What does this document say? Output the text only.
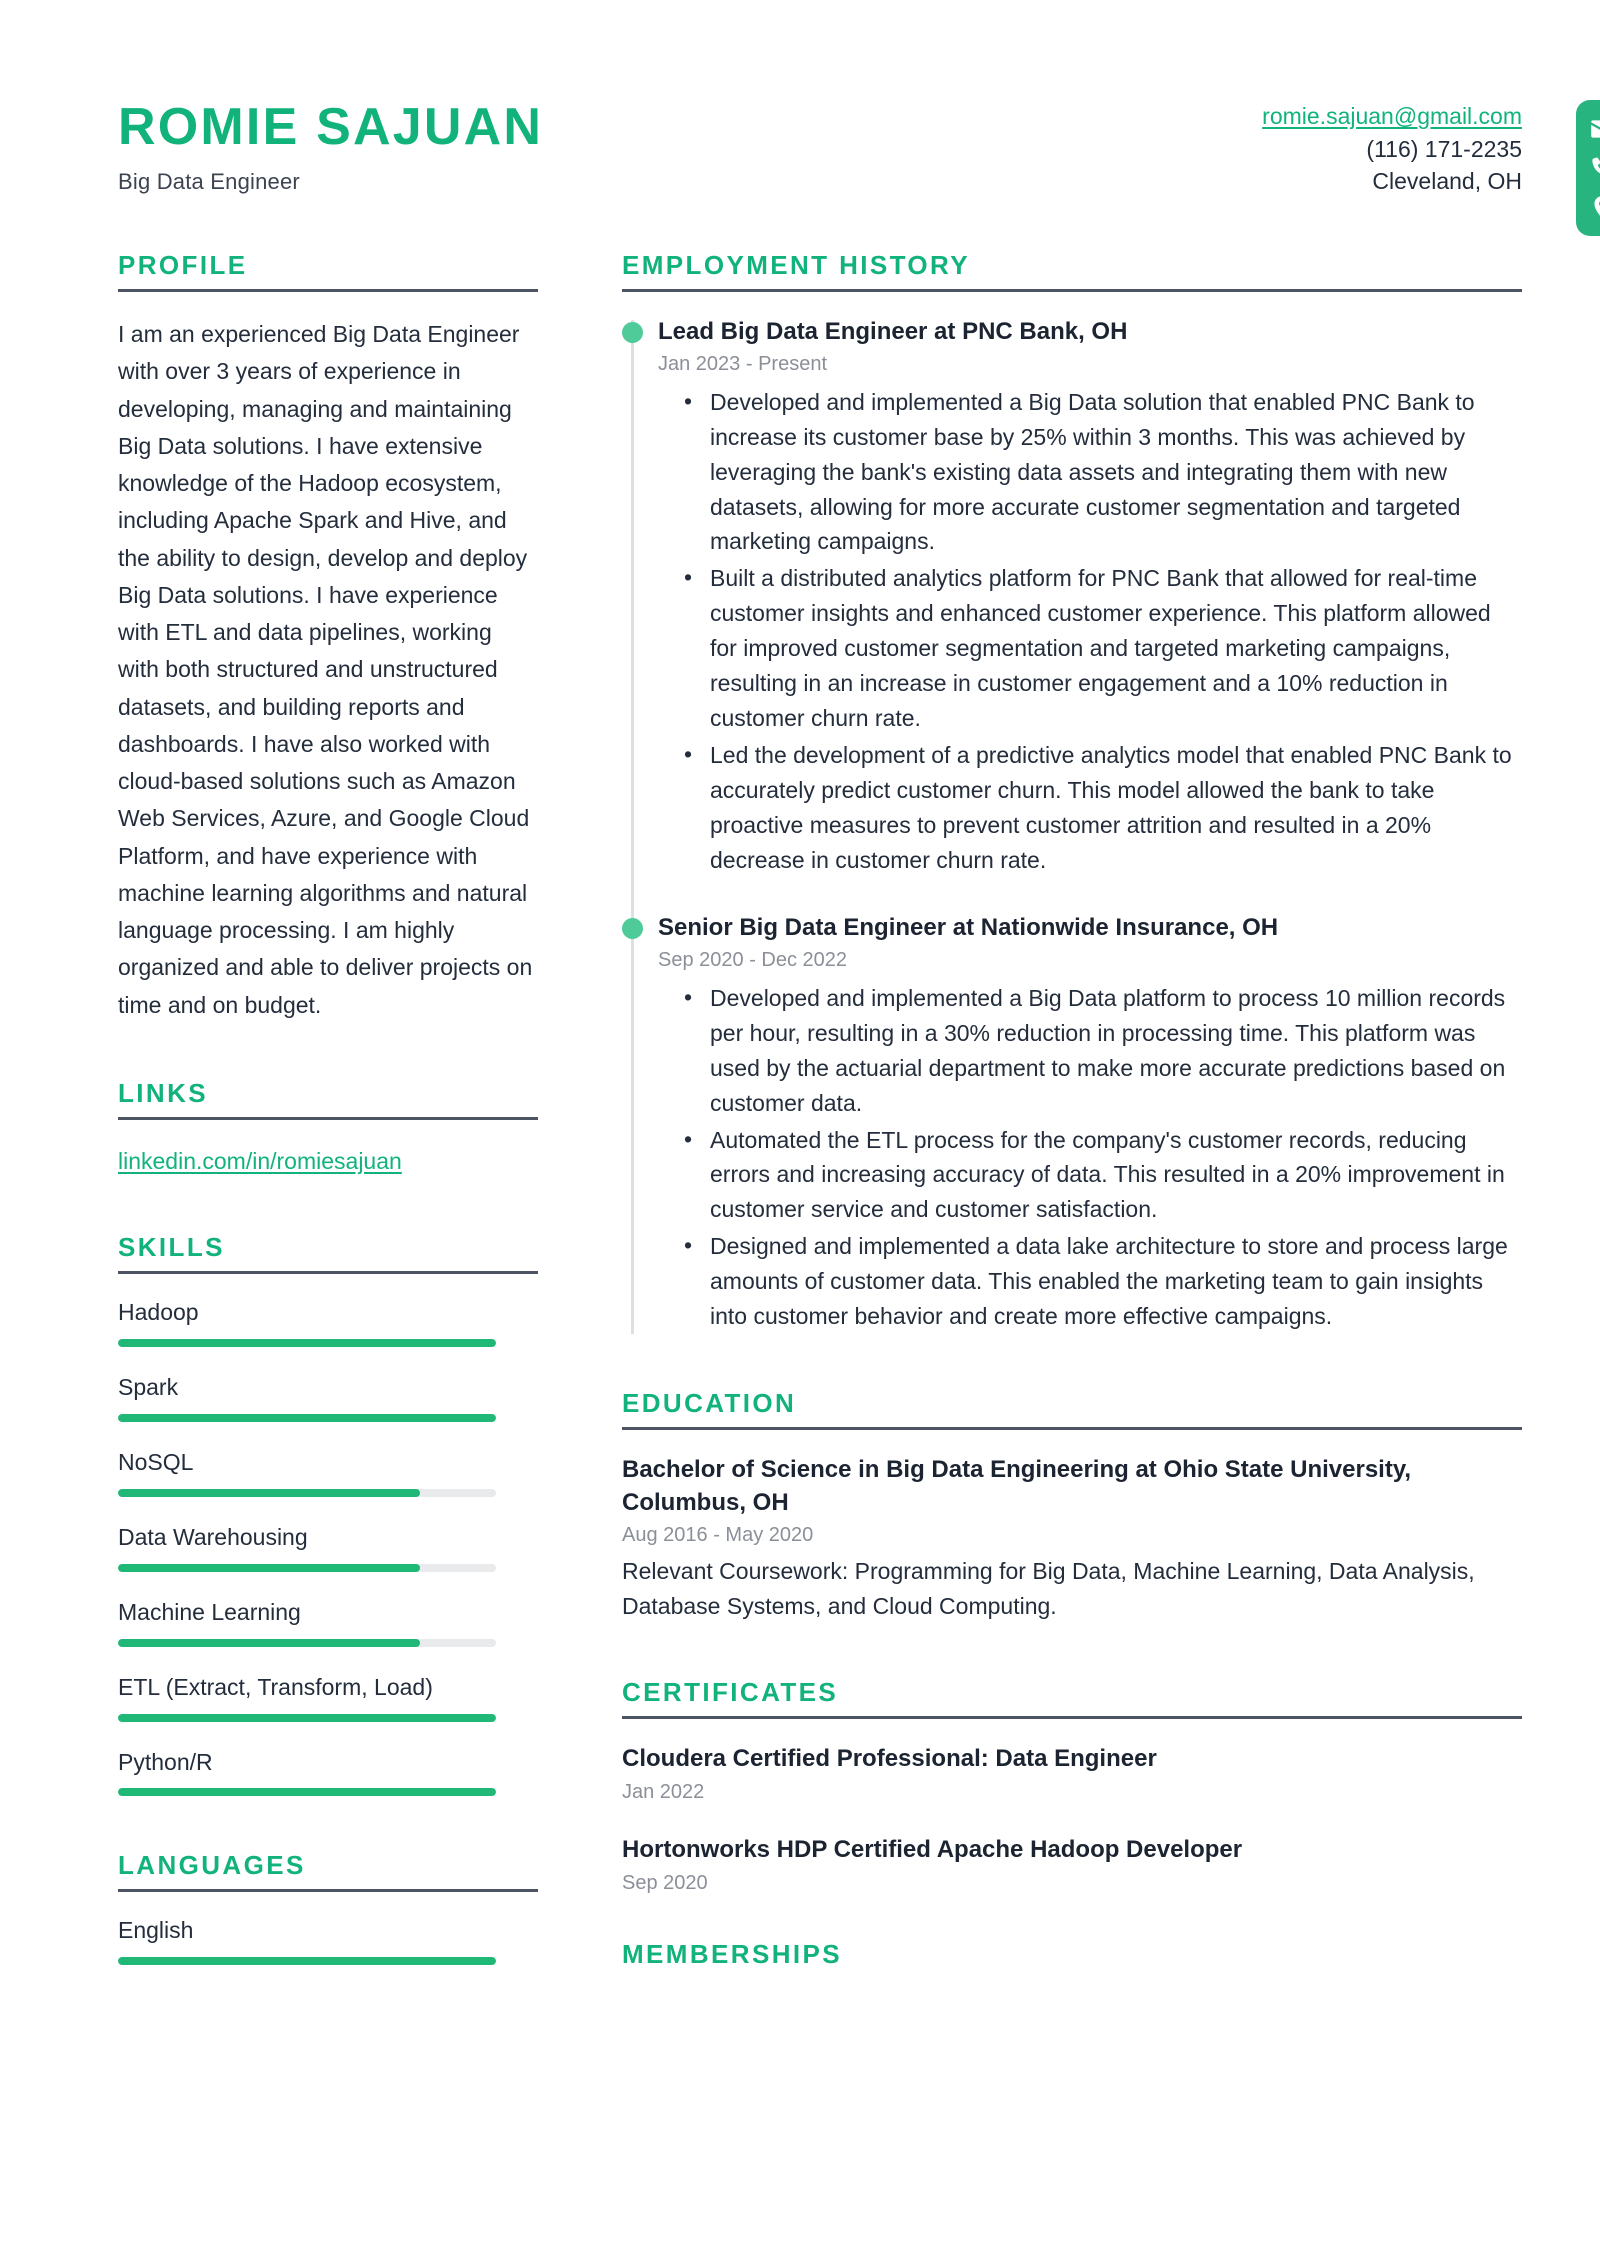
ROMIE SAJUAN
Big Data Engineer
romie.sajuan@gmail.com
(116) 171-2235
Cleveland, OH
PROFILE
I am an experienced Big Data Engineer with over 3 years of experience in developing, managing and maintaining Big Data solutions. I have extensive knowledge of the Hadoop ecosystem, including Apache Spark and Hive, and the ability to design, develop and deploy Big Data solutions. I have experience with ETL and data pipelines, working with both structured and unstructured datasets, and building reports and dashboards. I have also worked with cloud-based solutions such as Amazon Web Services, Azure, and Google Cloud Platform, and have experience with machine learning algorithms and natural language processing. I am highly organized and able to deliver projects on time and on budget.
LINKS
linkedin.com/in/romiesajuan
SKILLS
Hadoop
Spark
NoSQL
Data Warehousing
Machine Learning
ETL (Extract, Transform, Load)
Python/R
LANGUAGES
English
EMPLOYMENT HISTORY
Lead Big Data Engineer at PNC Bank, OH
Jan 2023 - Present
• Developed and implemented a Big Data solution that enabled PNC Bank to increase its customer base by 25% within 3 months. This was achieved by leveraging the bank's existing data assets and integrating them with new datasets, allowing for more accurate customer segmentation and targeted marketing campaigns.
• Built a distributed analytics platform for PNC Bank that allowed for real-time customer insights and enhanced customer experience. This platform allowed for improved customer segmentation and targeted marketing campaigns, resulting in an increase in customer engagement and a 10% reduction in customer churn rate.
• Led the development of a predictive analytics model that enabled PNC Bank to accurately predict customer churn. This model allowed the bank to take proactive measures to prevent customer attrition and resulted in a 20% decrease in customer churn rate.
Senior Big Data Engineer at Nationwide Insurance, OH
Sep 2020 - Dec 2022
• Developed and implemented a Big Data platform to process 10 million records per hour, resulting in a 30% reduction in processing time. This platform was used by the actuarial department to make more accurate predictions based on customer data.
• Automated the ETL process for the company's customer records, reducing errors and increasing accuracy of data. This resulted in a 20% improvement in customer service and customer satisfaction.
• Designed and implemented a data lake architecture to store and process large amounts of customer data. This enabled the marketing team to gain insights into customer behavior and create more effective campaigns.
EDUCATION
Bachelor of Science in Big Data Engineering at Ohio State University, Columbus, OH
Aug 2016 - May 2020
Relevant Coursework: Programming for Big Data, Machine Learning, Data Analysis, Database Systems, and Cloud Computing.
CERTIFICATES
Cloudera Certified Professional: Data Engineer
Jan 2022
Hortonworks HDP Certified Apache Hadoop Developer
Sep 2020
MEMBERSHIPS
